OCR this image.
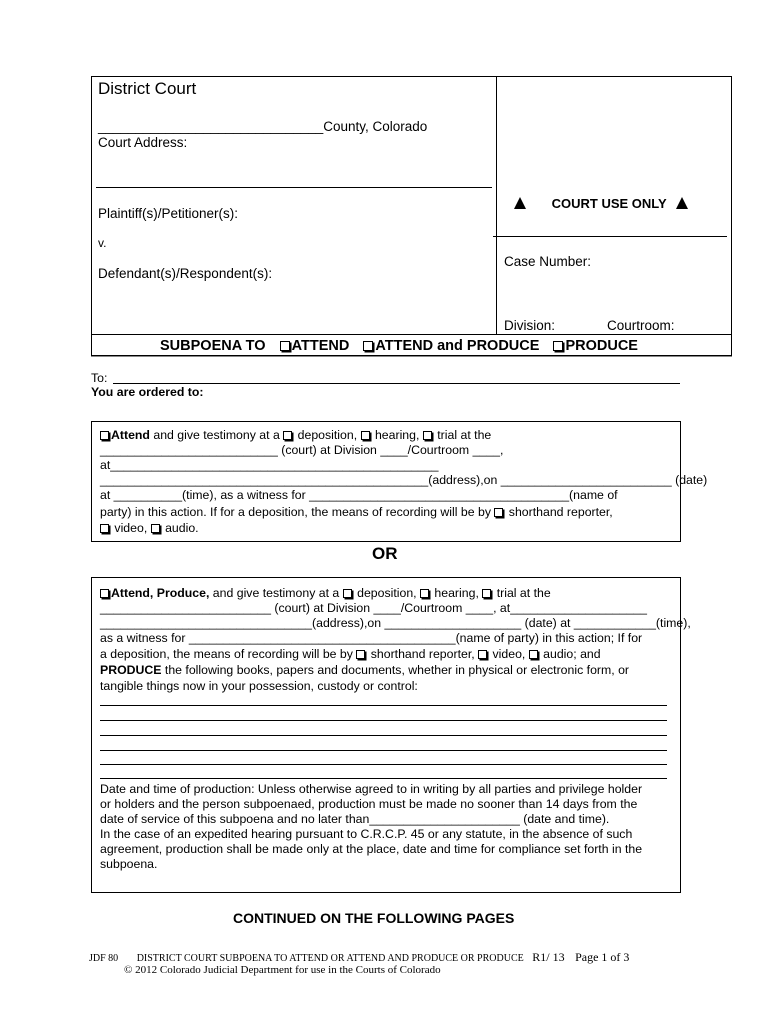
District Court
______________________________County, Colorado
Court Address:
Plaintiff(s)/Petitioner(s):
v.
Defendant(s)/Respondent(s):
COURT USE ONLY
Case Number:
Division:	Courtroom:
SUBPOENA TO ATTEND ATTEND and PRODUCE PRODUCE
To:
You are ordered to:
Attend and give testimony at a  deposition,  hearing,  trial at the
__________________________ (court) at Division ____/Courtroom ____,
at________________________________________________
________________________________________________(address),on _________________________ (date)
at __________(time), as a witness for ______________________________________(name of
party) in this action. If for a deposition, the means of recording will be by  shorthand reporter,
video,  audio.
OR
Attend, Produce, and give testimony at a  deposition,  hearing,  trial at the
_________________________ (court) at Division ____/Courtroom ____, at____________________
_______________________________(address),on ____________________ (date) at ____________(time),
as a witness for _______________________________________(name of party) in this action; If for
a deposition, the means of recording will be by  shorthand reporter,  video,  audio; and
PRODUCE the following books, papers and documents, whether in physical or electronic form, or
tangible things now in your possession, custody or control:
Date and time of production: Unless otherwise agreed to in writing by all parties and privilege holder
or holders and the person subpoenaed, production must be made no sooner than 14 days from the
date of service of this subpoena and no later than______________________ (date and time).
In the case of an expedited hearing pursuant to C.R.C.P. 45 or any statute, in the absence of such
agreement, production shall be made only at the place, date and time for compliance set forth in the
subpoena.
CONTINUED ON THE FOLLOWING PAGES
JDF 80 DISTRICT COURT SUBPOENA TO ATTEND OR ATTEND AND PRODUCE OR PRODUCE R1/ 13 Page 1 of 3
© 2012 Colorado Judicial Department for use in the Courts of Colorado
